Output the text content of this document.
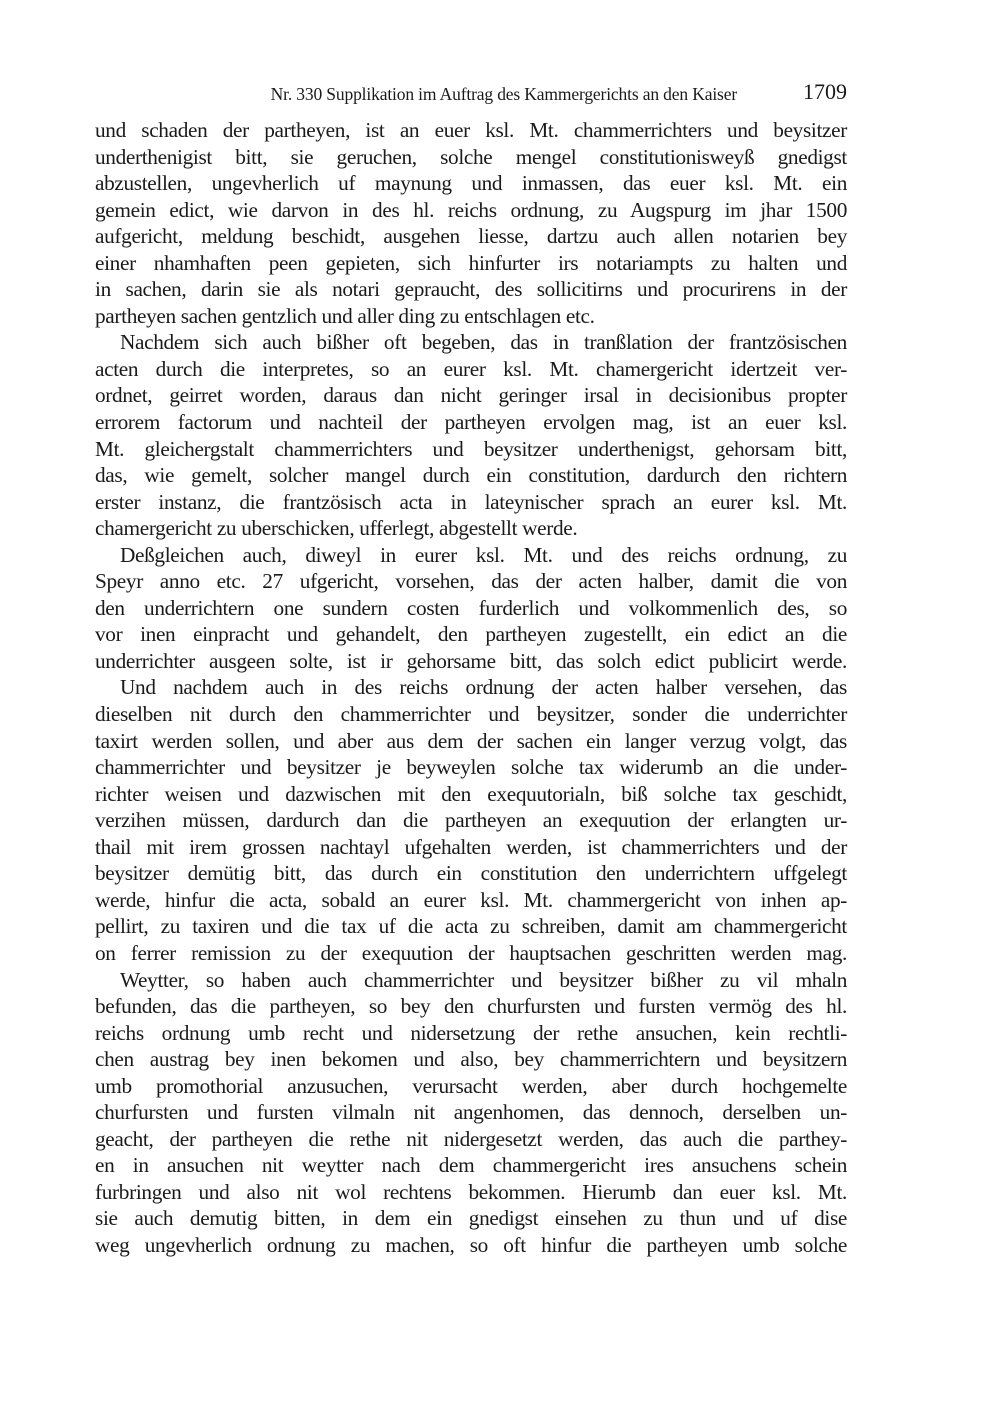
Nr. 330 Supplikation im Auftrag des Kammergerichts an den Kaiser	1709
und schaden der partheyen, ist an euer ksl. Mt. chammerrichters und beysitzer
underthenigist bitt, sie geruchen, solche mengel constitutionisweyß gnedigst
abzustellen, ungevherlich uf maynung und inmassen, das euer ksl. Mt. ein
gemein edict, wie darvon in des hl. reichs ordnung, zu Augspurg im jhar 1500
aufgericht, meldung beschidt, ausgehen liesse, dartzu auch allen notarien bey
einer nhamhaften peen gepieten, sich hinfurter irs notariampts zu halten und
in sachen, darin sie als notari gepraucht, des sollicitirns und procurirens in der
partheyen sachen gentzlich und aller ding zu entschlagen etc.
Nachdem sich auch bißher oft begeben, das in tranßlation der frantzösischen
acten durch die interpretes, so an eurer ksl. Mt. chamergericht idertzeit ver-
ordnet, geirret worden, daraus dan nicht geringer irsal in decisionibus propter
errorem factorum und nachteil der partheyen ervolgen mag, ist an euer ksl.
Mt. gleichergstalt chammerrichters und beysitzer underthenigst, gehorsam bitt,
das, wie gemelt, solcher mangel durch ein constitution, dardurch den richtern
erster instanz, die frantzösisch acta in lateynischer sprach an eurer ksl. Mt.
chamergericht zu uberschicken, ufferlegt, abgestellt werde.
Deßgleichen auch, diweyl in eurer ksl. Mt. und des reichs ordnung, zu
Speyr anno etc. 27 ufgericht, vorsehen, das der acten halber, damit die von
den underrichtern one sundern costen furderlich und volkommenlich des, so
vor inen einpracht und gehandelt, den partheyen zugestellt, ein edict an die
underrichter ausgeen solte, ist ir gehorsame bitt, das solch edict publicirt werde.
Und nachdem auch in des reichs ordnung der acten halber versehen, das
dieselben nit durch den chammerrichter und beysitzer, sonder die underrichter
taxirt werden sollen, und aber aus dem der sachen ein langer verzug volgt, das
chammerrichter und beysitzer je beyweylen solche tax widerumb an die under-
richter weisen und dazwischen mit den exequutorialn, biß solche tax geschidt,
verzihen müssen, dardurch dan die partheyen an exequution der erlangten ur-
thail mit irem grossen nachtayl ufgehalten werden, ist chammerrichters und der
beysitzer demütig bitt, das durch ein constitution den underrichtern uffgelegt
werde, hinfur die acta, sobald an eurer ksl. Mt. chammergericht von inhen ap-
pellirt, zu taxiren und die tax uf die acta zu schreiben, damit am chammergericht
on ferrer remission zu der exequution der hauptsachen geschritten werden mag.
Weytter, so haben auch chammerrichter und beysitzer bißher zu vil mhaln
befunden, das die partheyen, so bey den churfursten und fursten vermög des hl.
reichs ordnung umb recht und nidersetzung der rethe ansuchen, kein rechtli-
chen austrag bey inen bekomen und also, bey chammerrichtern und beysitzern
umb promothorial anzusuchen, verursacht werden, aber durch hochgemelte
churfursten und fursten vilmaln nit angenhomen, das dennoch, derselben un-
geacht, der partheyen die rethe nit nidergesetzt werden, das auch die parthey-
en in ansuchen nit weytter nach dem chammergericht ires ansuchens schein
furbringen und also nit wol rechtens bekommen. Hierumb dan euer ksl. Mt.
sie auch demutig bitten, in dem ein gnedigst einsehen zu thun und uf dise
weg ungevherlich ordnung zu machen, so oft hinfur die partheyen umb solche
